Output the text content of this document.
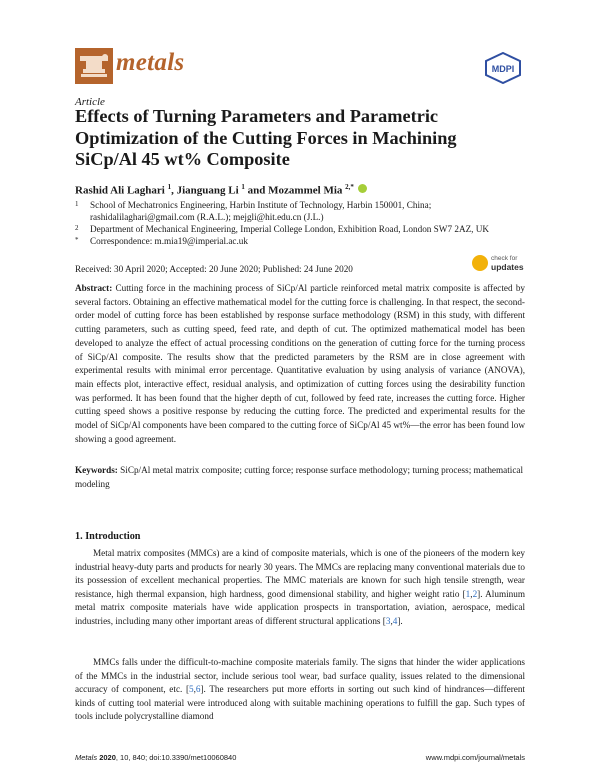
metals	MDPI
Article
Effects of Turning Parameters and Parametric Optimization of the Cutting Forces in Machining SiCp/Al 45 wt% Composite
Rashid Ali Laghari $^1$, Jianguang Li $^1$ and Mozammel Mia $^{2,*}$
1	School of Mechatronics Engineering, Harbin Institute of Technology, Harbin 150001, China; rashidalilaghari@gmail.com (R.A.L.); mejgli@hit.edu.cn (J.L.)
2	Department of Mechanical Engineering, Imperial College London, Exhibition Road, London SW7 2AZ, UK
*	Correspondence: m.mia19@imperial.ac.uk
Received: 30 April 2020; Accepted: 20 June 2020; Published: 24 June 2020
check for
updates
Abstract: Cutting force in the machining process of SiCp/Al particle reinforced metal matrix composite is affected by several factors. Obtaining an effective mathematical model for the cutting force is challenging. In that respect, the second-order model of cutting force has been established by response surface methodology (RSM) in this study, with different cutting parameters, such as cutting speed, feed rate, and depth of cut. The optimized mathematical model has been developed to analyze the effect of actual processing conditions on the generation of cutting force for the turning process of SiCp/Al composite. The results show that the predicted parameters by the RSM are in close agreement with experimental results with minimal error percentage. Quantitative evaluation by using analysis of variance (ANOVA), main effects plot, interactive effect, residual analysis, and optimization of cutting forces using the desirability function was performed. It has been found that the higher depth of cut, followed by feed rate, increases the cutting force. Higher cutting speed shows a positive response by reducing the cutting force. The predicted and experimental results for the model of SiCp/Al components have been compared to the cutting force of SiCp/Al 45 wt%—the error has been found low showing a good agreement.
Keywords: SiCp/Al metal matrix composite; cutting force; response surface methodology; turning process; mathematical modeling
1. Introduction
Metal matrix composites (MMCs) are a kind of composite materials, which is one of the pioneers of the modern key industrial heavy-duty parts and products for nearly 30 years. The MMCs are replacing many conventional materials due to its possession of excellent mechanical properties. The MMC materials are known for such high tensile strength, wear resistance, high thermal expansion, high hardness, good dimensional stability, and higher weight ratio [1,2]. Aluminum metal matrix composite materials have wide application prospects in transportation, aviation, aerospace, medical industries, including many other important areas of different structural applications [3,4].
MMCs falls under the difficult-to-machine composite materials family. The signs that hinder the wider applications of the MMCs in the industrial sector, include serious tool wear, bad surface quality, issues related to the dimensional accuracy of component, etc. [5,6]. The researchers put more efforts in sorting out such kind of hindrances—different kinds of cutting tool material were introduced along with suitable machining operations to fulfill the gap. Such types of tools include polycrystalline diamond
Metals 2020, 10, 840; doi:10.3390/met10060840	www.mdpi.com/journal/metals
